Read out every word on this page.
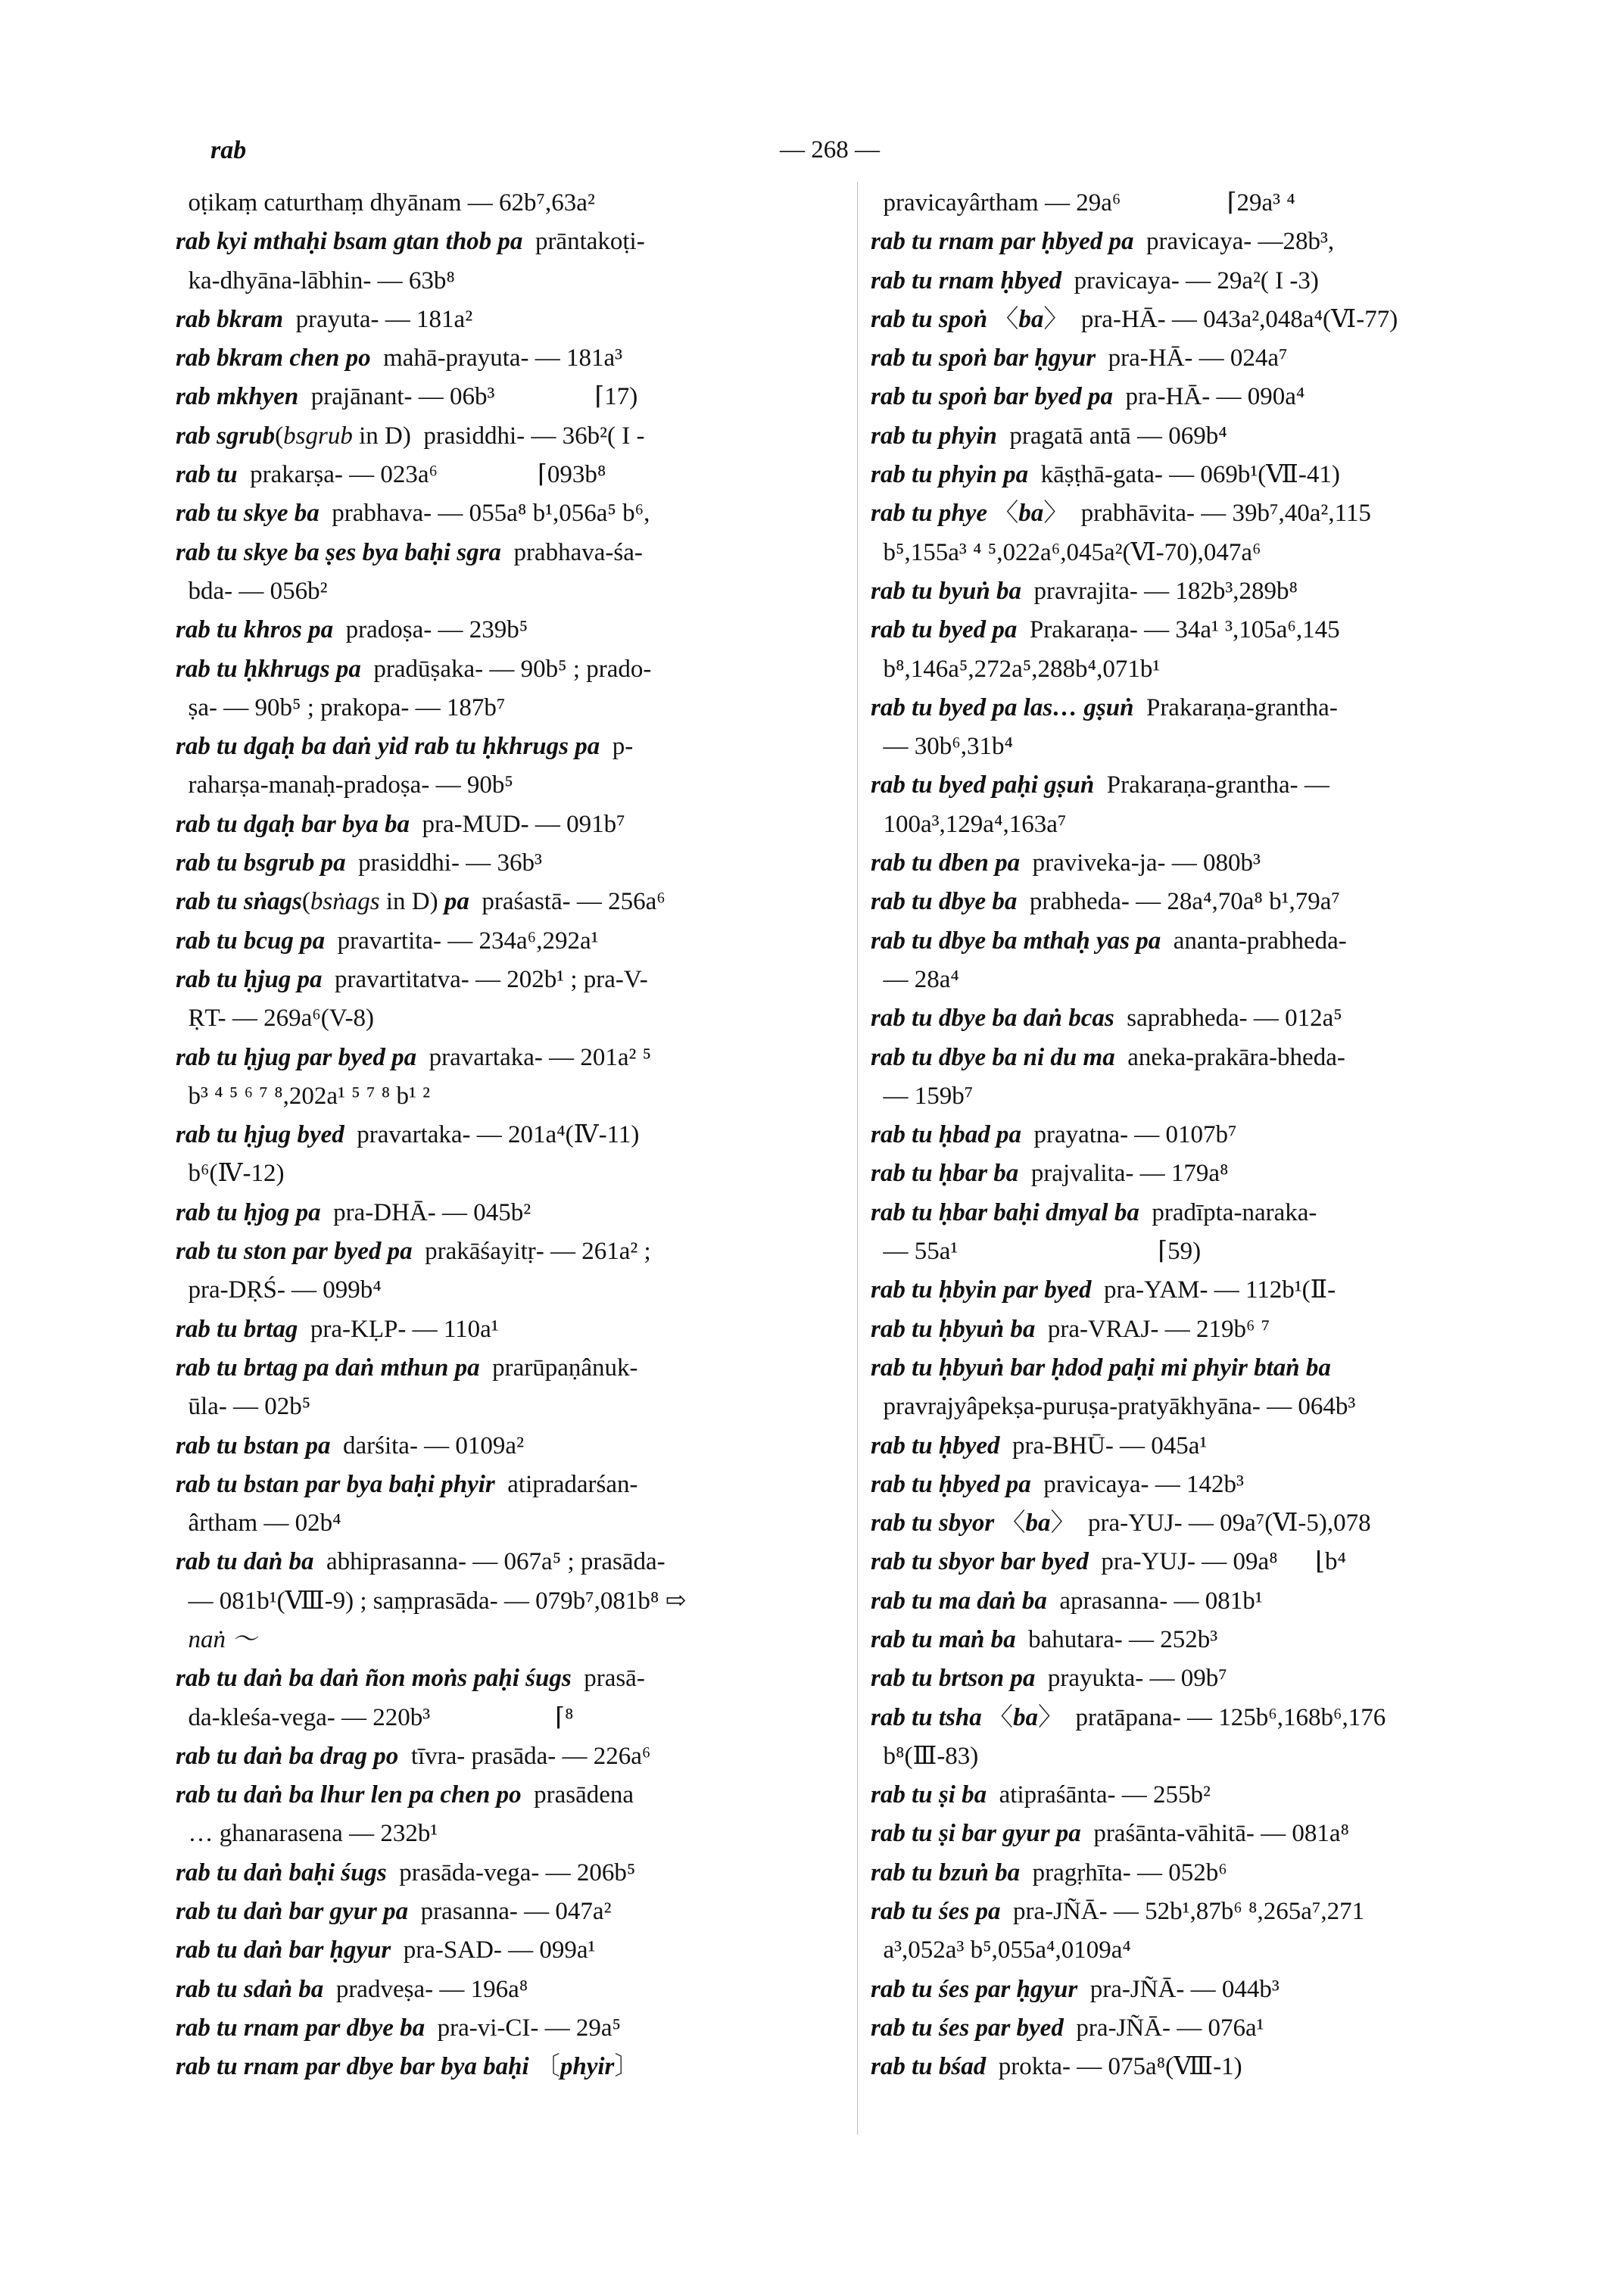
rab	— 268 —
oṭikaṃ caturthaṃ dhyānam — 62b⁷,63a²
rab kyi mthaḥi bsam gtan thob pa  prāntakoṭi-
ka-dhyāna-lābhin- — 63b⁸
rab bkram  prayuta- — 181a²
rab bkram chen po  mahā-prayuta- — 181a³
rab mkhyen  prajānant- — 06b³                ⌈17)
rab sgrub(bsgrub in D)  prasiddhi- — 36b²( I -
rab tu  prakarṣa- — 023a⁶                ⌈093b⁸
rab tu skye ba  prabhava- — 055a⁸ b¹,056a⁵ b⁶,
rab tu skye ba ṣes bya baḥi sgra  prabhava-śa-
bda- — 056b²
rab tu khros pa  pradoṣa- — 239b⁵
rab tu ḥkhrugs pa  pradūṣaka- — 90b⁵ ; prado-
ṣa- — 90b⁵ ; prakopa- — 187b⁷
rab tu dgaḥ ba daṅ yid rab tu ḥkhrugs pa  p-
raharṣa-manaḥ-pradoṣa- — 90b⁵
rab tu dgaḥ bar bya ba  pra-MUD- — 091b⁷
rab tu bsgrub pa  prasiddhi- — 36b³
rab tu sṅags(bsṅags in D) pa  praśastā- — 256a⁶
rab tu bcug pa  pravartita- — 234a⁶,292a¹
rab tu ḥjug pa  pravartitatva- — 202b¹ ; pra-V-
ṚT- — 269a⁶(V-8)
rab tu ḥjug par byed pa  pravartaka- — 201a² ⁵
b³ ⁴ ⁵ ⁶ ⁷ ⁸,202a¹ ⁵ ⁷ ⁸ b¹ ²
rab tu ḥjug byed  pravartaka- — 201a⁴(Ⅳ-11)
b⁶(Ⅳ-12)
rab tu ḥjog pa  pra-DHĀ- — 045b²
rab tu ston par byed pa  prakāśayitṛ- — 261a² ;
pra-DṚŚ- — 099b⁴
rab tu brtag  pra-KḶP- — 110a¹
rab tu brtag pa daṅ mthun pa  prarūpaṇânuk-
ūla- — 02b⁵
rab tu bstan pa  darśita- — 0109a²
rab tu bstan par bya baḥi phyir  atipradarśan-
ârtham — 02b⁴
rab tu daṅ ba  abhiprasanna- — 067a⁵ ; prasāda-
— 081b¹(Ⅷ-9) ; saṃprasāda- — 079b⁷,081b⁸ ⇨
naṅ ～
rab tu daṅ ba daṅ ñon moṅs paḥi śugs  prasā-
da-kleśa-vega- — 220b³                    ⌈⁸
rab tu daṅ ba drag po  tīvra- prasāda- — 226a⁶
rab tu daṅ ba lhur len pa chen po  prasādena
… ghanarasena — 232b¹
rab tu daṅ baḥi śugs  prasāda-vega- — 206b⁵
rab tu daṅ bar gyur pa  prasanna- — 047a²
rab tu daṅ bar ḥgyur  pra-SAD- — 099a¹
rab tu sdaṅ ba  pradveṣa- — 196a⁸
rab tu rnam par dbye ba  pra-vi-CI- — 29a⁵
rab tu rnam par dbye bar bya baḥi 〔phyir〕
pravicayârtham — 29a⁶                 ⌈29a³ ⁴
rab tu rnam par ḥbyed pa  pravicaya- —28b³,
rab tu rnam ḥbyed  pravicaya- — 29a²( I -3)
rab tu spoṅ 〈ba〉  pra-HĀ- — 043a²,048a⁴(Ⅵ-77)
rab tu spoṅ bar ḥgyur  pra-HĀ- — 024a⁷
rab tu spoṅ bar byed pa  pra-HĀ- — 090a⁴
rab tu phyin  pragatā antā — 069b⁴
rab tu phyin pa  kāṣṭhā-gata- — 069b¹(Ⅶ-41)
rab tu phye 〈ba〉  prabhāvita- — 39b⁷,40a²,115
b⁵,155a³ ⁴ ⁵,022a⁶,045a²(Ⅵ-70),047a⁶
rab tu byuṅ ba  pravrajita- — 182b³,289b⁸
rab tu byed pa  Prakaraṇa- — 34a¹ ³,105a⁶,145
b⁸,146a⁵,272a⁵,288b⁴,071b¹
rab tu byed pa las… gṣuṅ  Prakaraṇa-grantha-
— 30b⁶,31b⁴
rab tu byed paḥi gṣuṅ  Prakaraṇa-grantha- —
100a³,129a⁴,163a⁷
rab tu dben pa  praviveka-ja- — 080b³
rab tu dbye ba  prabheda- — 28a⁴,70a⁸ b¹,79a⁷
rab tu dbye ba mthaḥ yas pa  ananta-prabheda-
— 28a⁴
rab tu dbye ba daṅ bcas  saprabheda- — 012a⁵
rab tu dbye ba ni du ma  aneka-prakāra-bheda-
— 159b⁷
rab tu ḥbad pa  prayatna- — 0107b⁷
rab tu ḥbar ba  prajvalita- — 179a⁸
rab tu ḥbar baḥi dmyal ba  pradīpta-naraka-
— 55a¹                                ⌈59)
rab tu ḥbyin par byed  pra-YAM- — 112b¹(Ⅱ-
rab tu ḥbyuṅ ba  pra-VRAJ- — 219b⁶ ⁷
rab tu ḥbyuṅ bar ḥdod paḥi mi phyir btaṅ ba
pravrajyâpekṣa-puruṣa-pratyākhyāna- — 064b³
rab tu ḥbyed  pra-BHŪ- — 045a¹
rab tu ḥbyed pa  pravicaya- — 142b³
rab tu sbyor 〈ba〉  pra-YUJ- — 09a⁷(Ⅵ-5),078
rab tu sbyor bar byed  pra-YUJ- — 09a⁸      ⌊b⁴
rab tu ma daṅ ba  aprasanna- — 081b¹
rab tu maṅ ba  bahutara- — 252b³
rab tu brtson pa  prayukta- — 09b⁷
rab tu tsha 〈ba〉  pratāpana- — 125b⁶,168b⁶,176
b⁸(Ⅲ-83)
rab tu ṣi ba  atipraśānta- — 255b²
rab tu ṣi bar gyur pa  praśānta-vāhitā- — 081a⁸
rab tu bzuṅ ba  pragṛhīta- — 052b⁶
rab tu śes pa  pra-JÑĀ- — 52b¹,87b⁶ ⁸,265a⁷,271
a³,052a³ b⁵,055a⁴,0109a⁴
rab tu śes par ḥgyur  pra-JÑĀ- — 044b³
rab tu śes par byed  pra-JÑĀ- — 076a¹
rab tu bśad  prokta- — 075a⁸(Ⅷ-1)
